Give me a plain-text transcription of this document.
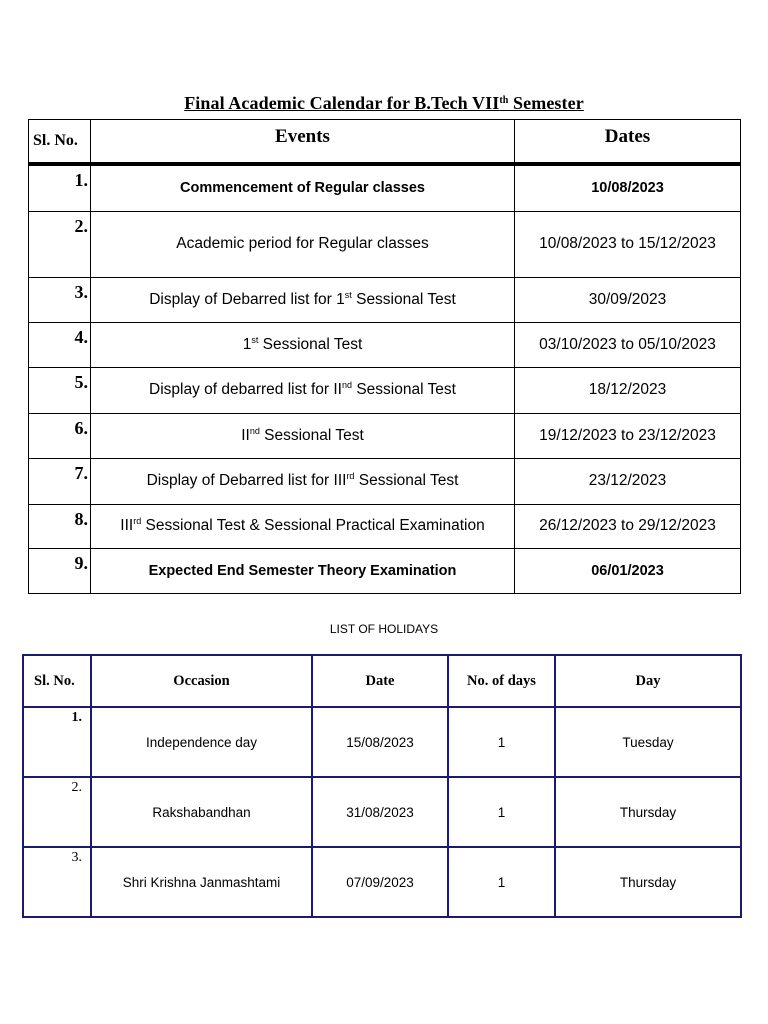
Final Academic Calendar for B.Tech VIIth Semester
Sl. No.	Events	Dates
1.	Commencement of Regular classes	10/08/2023
2.	Academic period for Regular classes	10/08/2023 to 15/12/2023
3.	Display of Debarred list for 1st Sessional Test	30/09/2023
4.	1st Sessional Test	03/10/2023 to 05/10/2023
5.	Display of debarred list for IInd Sessional Test	18/12/2023
6.	IInd Sessional Test	19/12/2023 to 23/12/2023
7.	Display of Debarred list for IIIrd Sessional Test	23/12/2023
8.	IIIrd Sessional Test & Sessional Practical Examination	26/12/2023 to 29/12/2023
9.	Expected End Semester Theory Examination	06/01/2023
LIST OF HOLIDAYS
Sl. No.	Occasion	Date	No. of days	Day
1.	Independence day	15/08/2023	1	Tuesday
2.	Rakshabandhan	31/08/2023	1	Thursday
3.	Shri Krishna Janmashtami	07/09/2023	1	Thursday
